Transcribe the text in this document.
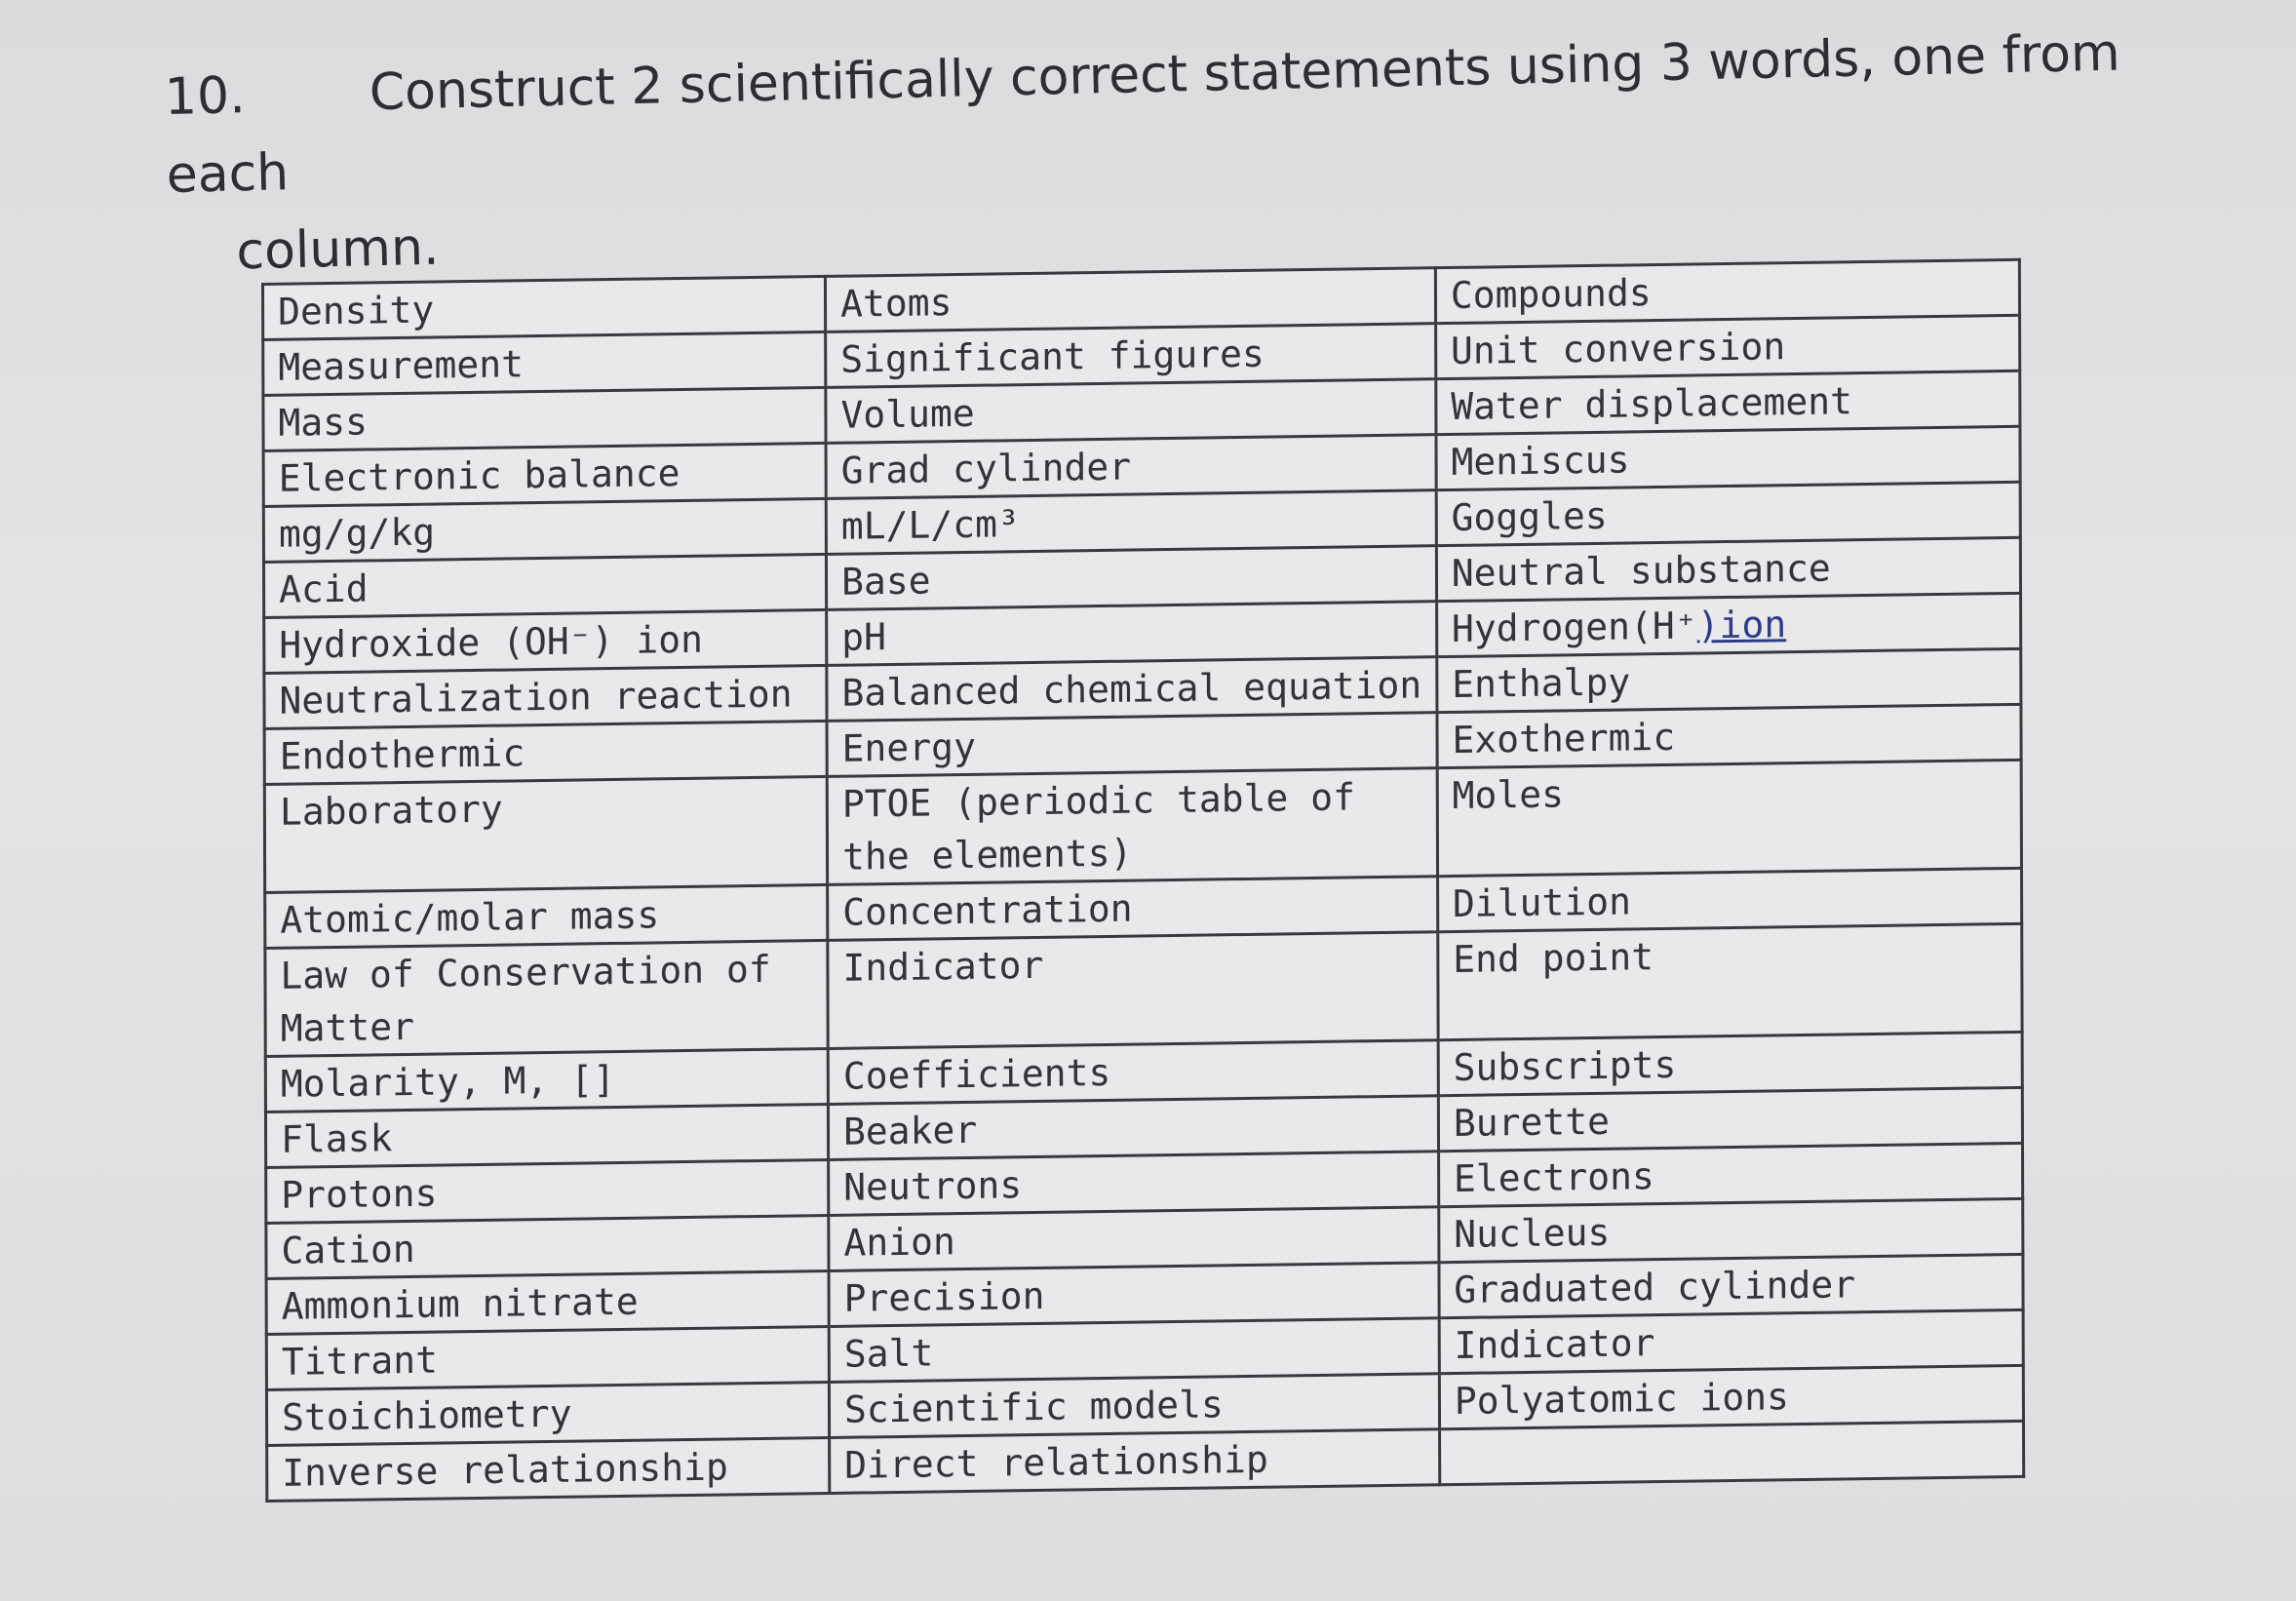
10. Construct 2 scientifically correct statements using 3 words, one from each
column.
Density	Atoms	Compounds
Measurement	Significant figures	Unit conversion
Mass	Volume	Water displacement
Electronic balance	Grad cylinder	Meniscus
mg/g/kg	mL/L/cm³	Goggles
Acid	Base	Neutral substance
Hydroxide (OH⁻) ion	pH	Hydrogen(H⁺)ion
Neutralization reaction	Balanced chemical equation	Enthalpy
Endothermic	Energy	Exothermic
Laboratory	PTOE (periodic table of the elements)	Moles
Atomic/molar mass	Concentration	Dilution
Law of Conservation of Matter	Indicator	End point
Molarity, M, []	Coefficients	Subscripts
Flask	Beaker	Burette
Protons	Neutrons	Electrons
Cation	Anion	Nucleus
Ammonium nitrate	Precision	Graduated cylinder
Titrant	Salt	Indicator
Stoichiometry	Scientific models	Polyatomic ions
Inverse relationship	Direct relationship	
